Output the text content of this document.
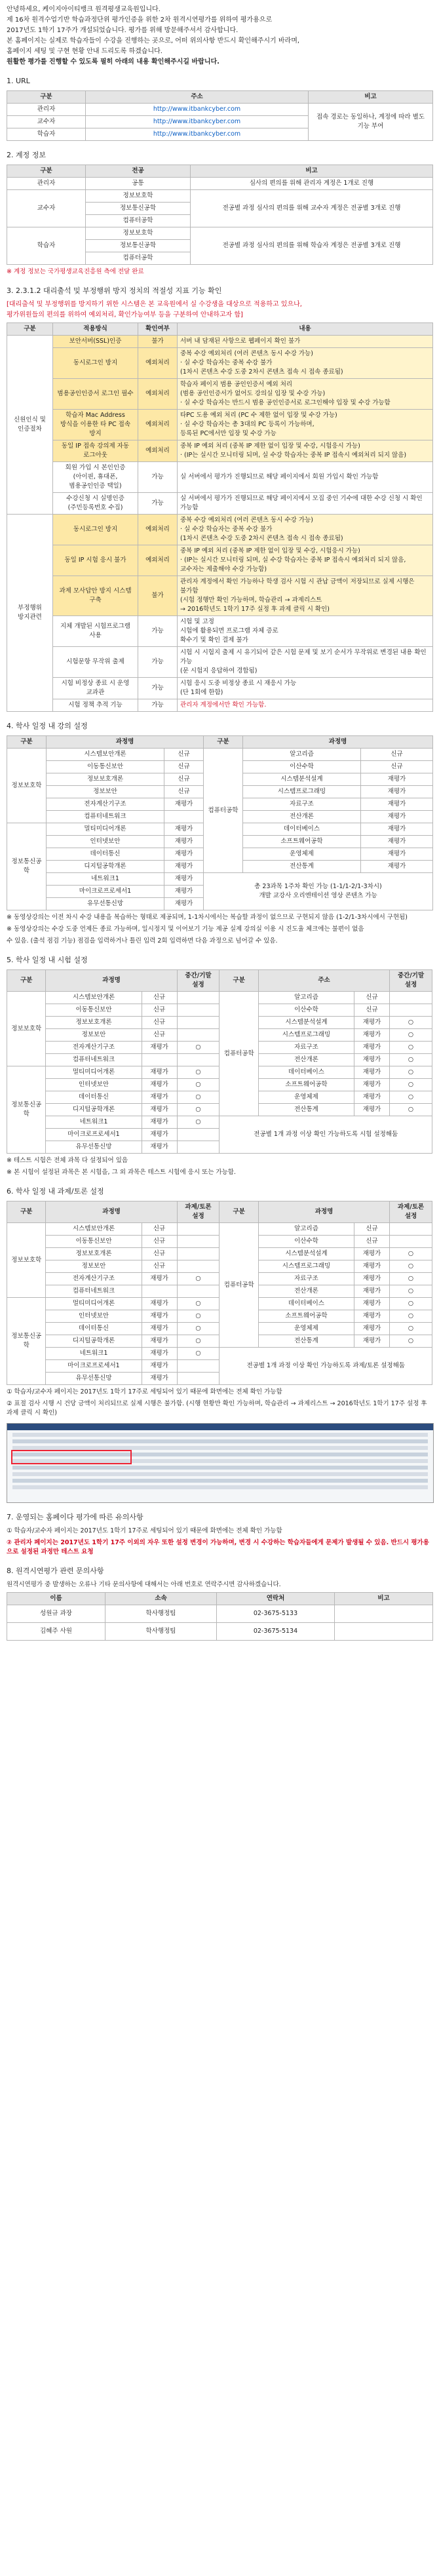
안녕하세요, 케이지아이티뱅크 원격평생교육원입니다.

제 16차 원격수업기반 학습과정단위 평가인증을 위한 2차 원격시연평가를 위하여 평가용으로

2017년도 1학기 17주가 개설되었습니다. 평가를 위해 방문해주셔서 감사합니다.

본 홈페이지는 실제로 학습자들이 수강을 진행하는 곳으로, 어떠 위의사항 반드시 확인해주시기 바라며,

홈페이지 세팅 및 구현 현황 안내 드리도록 하겠습니다.

원활한 평가를 진행할 수 있도록 필히 아래의 내용 확인해주시길 바랍니다.

1. URL
구분	주소	비고
관리자	http://www.itbankcyber.com	접속 경로는 동일하나, 계정에 따라 별도 기능 부여
교수자	http://www.itbankcyber.com	
학습자	http://www.itbankcyber.com	
2. 계정 정보
구분	전공	비고
관리자	공통	심사의 편의를 위해 관리자 계정은 1개로 진행
교수자	정보보호학	전공별 과정 심사의 편의를 위해 교수자 계정은 전공별 3개로 진행
	정보통신공학	
	컴퓨터공학	
학습자	정보보호학	전공별 과정 심사의 편의를 위해 학습자 계정은 전공별 3개로 진행
	정보통신공학	
	컴퓨터공학	

※ 계정 정보는 국가평생교육진흥원 측에 전달 완료

3. 2.3.1.2 대리출석 및 부정행위 방지 정치의 적절성 지표 기능 확인

[대리출석 및 부정행위를 방지하기 위한 시스템은 본 교육원에서 실 수강생을 대상으로 적용하고 있으나,

평가위원들의 편의를 위하여 예외처리, 확인가능여부 등을 구분하여 안내하고자 함]

구분	적용방식	확인여부	내용
신원인식 및 인증절차	보안서버(SSL)인증	불가	서버 내 담재된 사항으로 웹페이지 확인 불가
	동시로그인 방지	예외처리	중복 수강 예외처리 (여러 콘텐츠 동시 수강 가능)
· 실 수강 학습자는 중복 수강 불가
(1차시 콘텐츠 수강 도중 2차시 콘텐츠 접속 시 접속 종료됨)
	범용공인인증서 로그인 필수	예외처리	학습자 페이지 범용 공인인증서 예외 처리
(범용 공인인증서가 없어도 강의실 입장 및 수강 가능)
· 실 수강 학습자는 반드시 범용 공인인증서로 로그인해야 입장 및 수강 가능함
	학습자 Mac Address 방식을 이용한 타 PC 접속 방지	예외처리	타PC 도용 예외 처리 (PC 수 제한 없이 입장 및 수강 가능)
· 실 수강 학습자는 총 3대의 PC 등록이 가능하며,
등록된 PC에서만 입장 및 수강 가능
	동일 IP 접속 강의제 자동 로그아웃	예외처리	중복 IP 예외 처리 (중복 IP 제한 없이 입장 및 수강, 시험응시 가능)
· (IP는 실시간 모니터링 되며, 실 수강 학습자는 중복 IP 접속시 예외처리 되지 않음)
	회원 가입 시 본인인증 (아이핀, 휴대폰, 범용공인인증 택일)	가능	실 서버에서 평가가 진행되므로 해당 페이지에서 회원 가입시 확인 가능함
	수강신청 시 실명인증 (주민등록번호 수집)	가능	실 서버에서 평가가 진행되므로 해당 페이지에서 모집 중인 기수에 대한 수강 신청 시 확인 가능함
부정행위 방지관련	동시로그인 방지	예외처리	중복 수강 예외처리 (여러 콘텐츠 동시 수강 가능)
· 실 수강 학습자는 중복 수강 불가
(1차시 콘텐츠 수강 도중 2차시 콘텐츠 접속 시 접속 종료됨)
	동일 IP 시험 응시 불가	예외처리	중복 IP 예외 처리 (중복 IP 제한 없이 입장 및 수강, 시험응시 가능)
· (IP는 실시간 모니터링 되며, 실 수강 학습자는 중복 IP 접속시 예외처리 되지 않음, 교수자는 제출해야 수강 가능함)
	과제 모사답안 방지 시스템 구축	불가	관리자 계정에서 확인 가능하나 학생 검사 시험 시 관납 금액이 저장되므로 실제 시행은 불가함
(시험 정행만 확인 가능하며, 학습관리 → 과제리스트
→ 2016학년도 1학기 17주 실정 후 과제 클릭 시 확인)
	지체 개발된 시험프로그램 사용	가능	시험 및 고정
시험에 활용되면 프로그램 자체 증로
확수기 및 확인 결제 불가
	시험문항 무작위 출제	가능	시험 시 시험지 출제 시 유기되어 같은 시험 문제 및 보기 순서가 무작위로 변경된 내용 확인 가능
(문 시험지 응답하여 경합됨)
	시험 비정상 종료 시 운영 교과관	가능	시험 응시 도중 비정상 종료 시 재응시 가능
(단 1회에 한함)
	시험 정책 추적 기능	가능	관리자 계정에서만 확인 가능함.
4. 학사 일정 내 강의 설정
구분	과정명		구분	과정명	
정보보호학	시스템보안개론	신규	컴퓨터공학	알고리즘	신규
	이동통신보안	신규		이산수학	신규
	정보보호개론	신규		시스템분석설계	재평가
	정보보안	신규		시스템프로그래밍	재평가
	전자계산기구조	재평가		자료구조	재평가
	컴퓨터네트워크			전산개론	재평가
정보통신공학	멀티미디어개론	재평가		데이터베이스	재평가
	인터넷보안	재평가		소프트웨어공학	재평가
	데이터통신	재평가		운영체제	재평가
	디지털공학개론	재평가		전산통계	재평가
	네트워크1	재평가	총 23과목 1주차 확인 가능 (1-1/1-2/1-3차시)
개발 교강사 오리엔테이션 영상 콘텐츠 가능		
	마이크로프로세서1	재평가			
	유무선통신망	재평가			

※ 동영상강의는 이전 차시 수강 내용을 복습하는 형태로 제공되며, 1-1차시에서는 복습할 과정이 없으므로 구현되지 않음 (1-2/1-3차시에서 구현됨)

※ 동영상강의는 수강 도중 언제든 종료 가능하며, 일시정지 및 이어보기 기능 제공 실제 강의실 이용 시 진도율 체크에는 불편이 없음

수 있음. (출석 점검 기능) 점검을 입력하거나 틀린 입력 2회 입력하면 다음 과정으로 넘어갈 수 있음.

5. 학사 일정 내 시험 설정
구분	과정명		중간/기말 설정	구분	주소		중간/기말 설정
정보보호학	시스템보안개론	신규		컴퓨터공학	알고리즘	신규	
	이동통신보안	신규			이산수학	신규	
	정보보호개론	신규			시스템분석설계	재평가	○
	정보보안	신규			시스템프로그래밍	재평가	○
	전자계산기구조	재평가	○		자료구조	재평가	○
	컴퓨터네트워크				전산개론	재평가	○
정보통신공학	멀티미디어개론	재평가	○		데이터베이스	재평가	○
	인터넷보안	재평가	○		소프트웨어공학	재평가	○
	데이터통신	재평가	○		운영체제	재평가	○
	디지털공학개론	재평가	○		전산통계	재평가	○
	네트워크1	재평가	○	전공별 1개 과정 이상 확인 가능하도록 시험 설정해둠			
	마이크로프로세서1	재평가					
	유무선통신망	재평가					

※ 테스트 시험은 전체 과목 다 설정되어 있음

※ 본 시험이 설정된 과목은 본 시험을, 그 외 과목은 테스트 시험에 응시 또는 가능함.

6. 학사 일정 내 과제/토론 설정
구분	과정명		과제/토론 설정	구분	과정명		과제/토론 설정
정보보호학	시스템보안개론	신규		컴퓨터공학	알고리즘	신규	
	이동통신보안	신규			이산수학	신규	
	정보보호개론	신규			시스템분석설계	재평가	○
	정보보안	신규			시스템프로그래밍	재평가	○
	전자계산기구조	재평가	○		자료구조	재평가	○
	컴퓨터네트워크				전산개론	재평가	○
정보통신공학	멀티미디어개론	재평가	○		데이터베이스	재평가	○
	인터넷보안	재평가	○		소프트웨어공학	재평가	○
	데이터통신	재평가	○		운영체제	재평가	○
	디지털공학개론	재평가	○		전산통계	재평가	○
	네트워크1	재평가	○	전공별 1개 과정 이상 확인 가능하도록 과제/토론 설정해둠			
	마이크로프로세서1	재평가					
	유무선통신망	재평가					

① 학습자/교수자 페이지는 2017년도 1학기 17주로 세팅되어 있기 때문에 화면에는 전체 확인 가능함

② 표절 검사 시행 시 건당 금액이 처리되므로 실제 시행은 불가함. (시행 현황만 확인 가능하며, 학습관리 → 과제리스트 → 2016학년도 1학기 17주 설정 후 과제 클릭 시 확인)

7. 운영되는 홈페이다 평가에 따른 유의사항

① 학습자/교수자 페이지는 2017년도 1학기 17주로 세팅되어 있기 때문에 화면에는 전체 확인 가능함

② 관리자 페이지는 2017년도 1학기 17주 이외의 자우 또한 설정 변경이 가능하며, 변경 시 수강하는 학습자들에게 문제가 발생될 수 있음. 반드시 평가용으로 설정된 과정만 테스트 요청

8. 원격시연평가 관련 문의사항

원격시연평가 중 발생하는 오류나 기타 문의사항에 대해서는 아래 번호로 연락주시면 감사하겠습니다.

이름	소속	연락처	비고
성원규 과장	학사행정팀	02-3675-5133	
김혜주 사원	학사행정팀	02-3675-5134	
